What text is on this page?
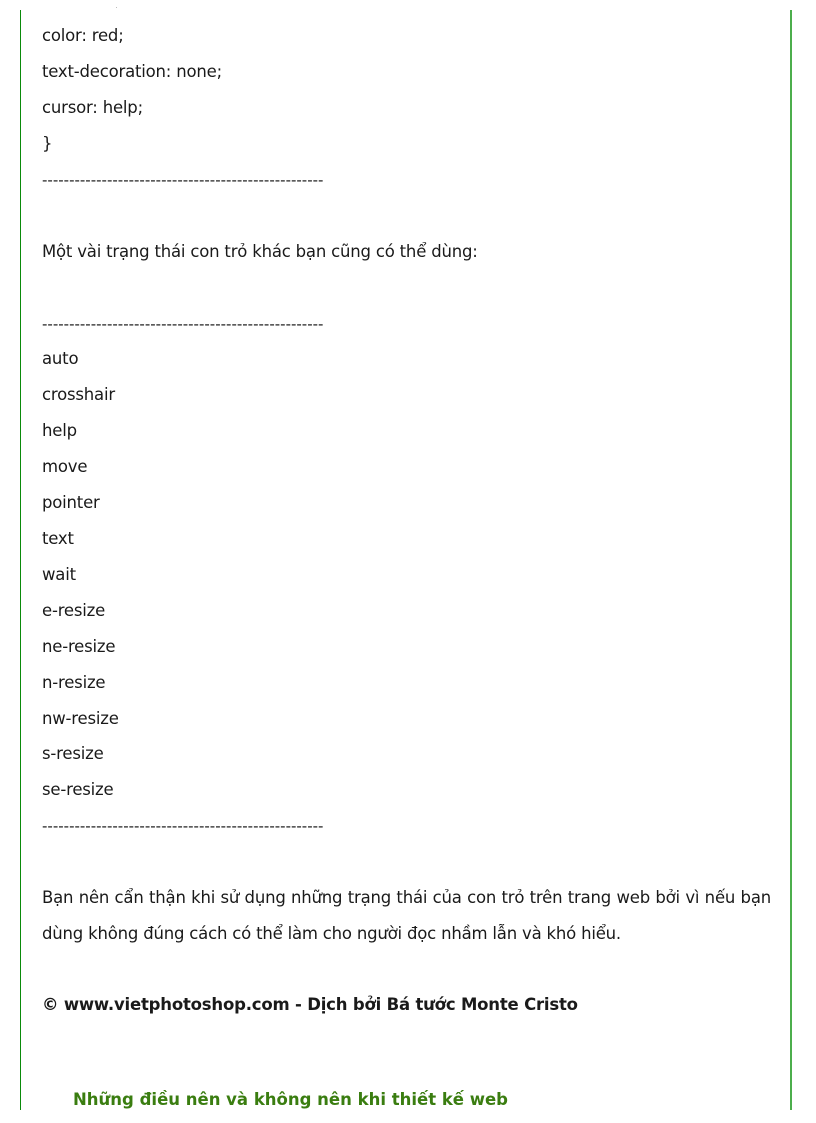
color: red;
text-decoration: none;
cursor: help;
}
----------------------------------------------------
Một vài trạng thái con trỏ khác bạn cũng có thể dùng:
----------------------------------------------------
auto
crosshair
help
move
pointer
text
wait
e-resize
ne-resize
n-resize
nw-resize
s-resize
se-resize
----------------------------------------------------
Bạn nên cẩn thận khi sử dụng những trạng thái của con trỏ trên trang web bởi vì nếu bạn dùng không đúng cách có thể làm cho người đọc nhầm lẫn và khó hiểu.
© www.vietphotoshop.com - Dịch bởi Bá tước Monte Cristo
Những điều nên và không nên khi thiết kế web
